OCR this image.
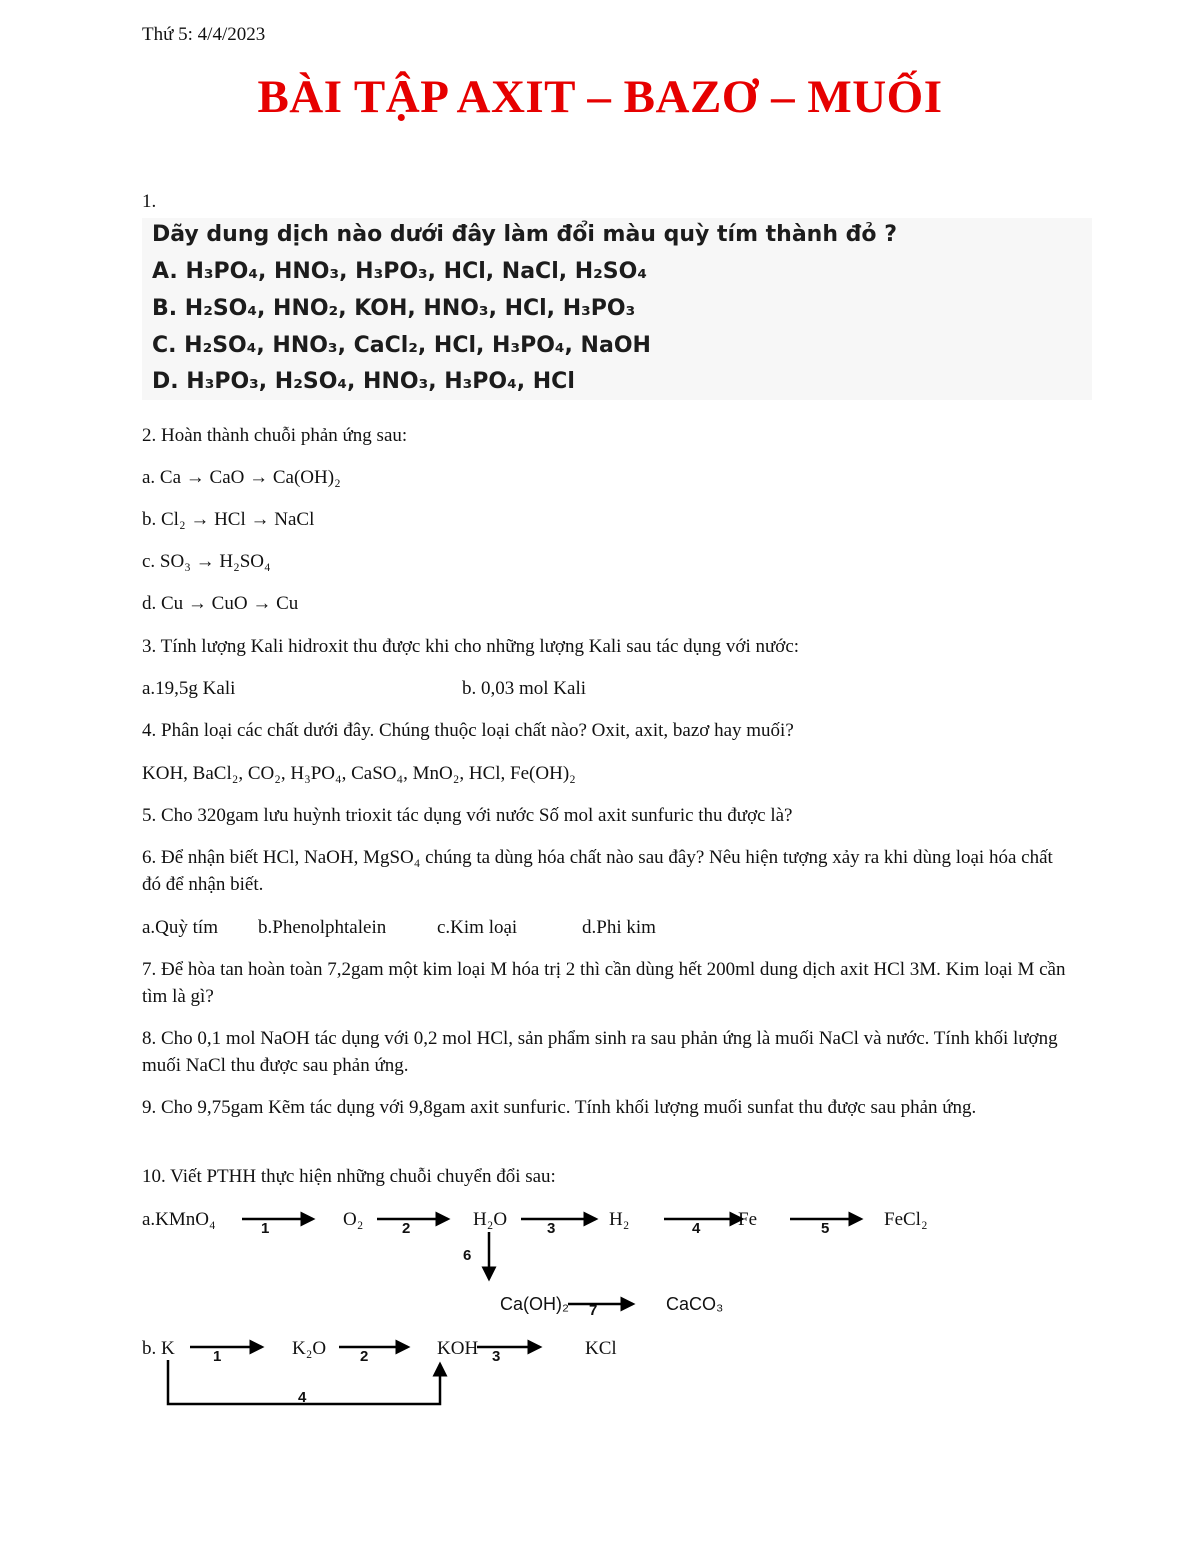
Thứ 5: 4/4/2023
BÀI TẬP AXIT – BAZƠ – MUỐI
1.
Dãy dung dịch nào dưới đây làm đổi màu quỳ tím thành đỏ ?
A. H₃PO₄, HNO₃, H₃PO₃, HCl, NaCl, H₂SO₄
B. H₂SO₄, HNO₂, KOH, HNO₃, HCl, H₃PO₃
C. H₂SO₄, HNO₃, CaCl₂, HCl, H₃PO₄, NaOH
D. H₃PO₃, H₂SO₄, HNO₃, H₃PO₄, HCl
2. Hoàn thành chuỗi phản ứng sau:
a. Ca → CaO → Ca(OH)₂
b. Cl₂ → HCl → NaCl
c. SO₃ → H₂SO₄
d. Cu → CuO → Cu
3. Tính lượng Kali hidroxit thu được khi cho những lượng Kali sau tác dụng với nước:
a.19,5g Kali	b. 0,03 mol Kali
4. Phân loại các chất dưới đây. Chúng thuộc loại chất nào? Oxit, axit, bazơ hay muối?
KOH, BaCl₂, CO₂, H₃PO₄, CaSO₄, MnO₂, HCl, Fe(OH)₂
5. Cho 320gam lưu huỳnh trioxit tác dụng với nước Số mol axit sunfuric thu được là?
6. Để nhận biết HCl, NaOH, MgSO₄ chúng ta dùng hóa chất nào sau đây? Nêu hiện tượng xảy ra khi dùng loại hóa chất đó để nhận biết.
a.Quỳ tím b.Phenolphtalein	c.Kim loại	d.Phi kim
7. Để hòa tan hoàn toàn 7,2gam một kim loại M hóa trị 2 thì cần dùng hết 200ml dung dịch axit HCl 3M. Kim loại M cần tìm là gì?
8. Cho 0,1 mol NaOH tác dụng với 0,2 mol HCl, sản phẩm sinh ra sau phản ứng là muối NaCl và nước. Tính khối lượng muối NaCl thu được sau phản ứng.
9. Cho 9,75gam Kẽm tác dụng với 9,8gam axit sunfuric. Tính khối lượng muối sunfat thu được sau phản ứng.
10. Viết PTHH thực hiện những chuỗi chuyển đổi sau:
a.KMnO₄	O₂	H₂O	H₂	Fe	FeCl₂
Ca(OH)₂	CaCO₃
1	2	3	4	5
6
7
b. K	K₂O	KOH	KCl
1	2	3
4
